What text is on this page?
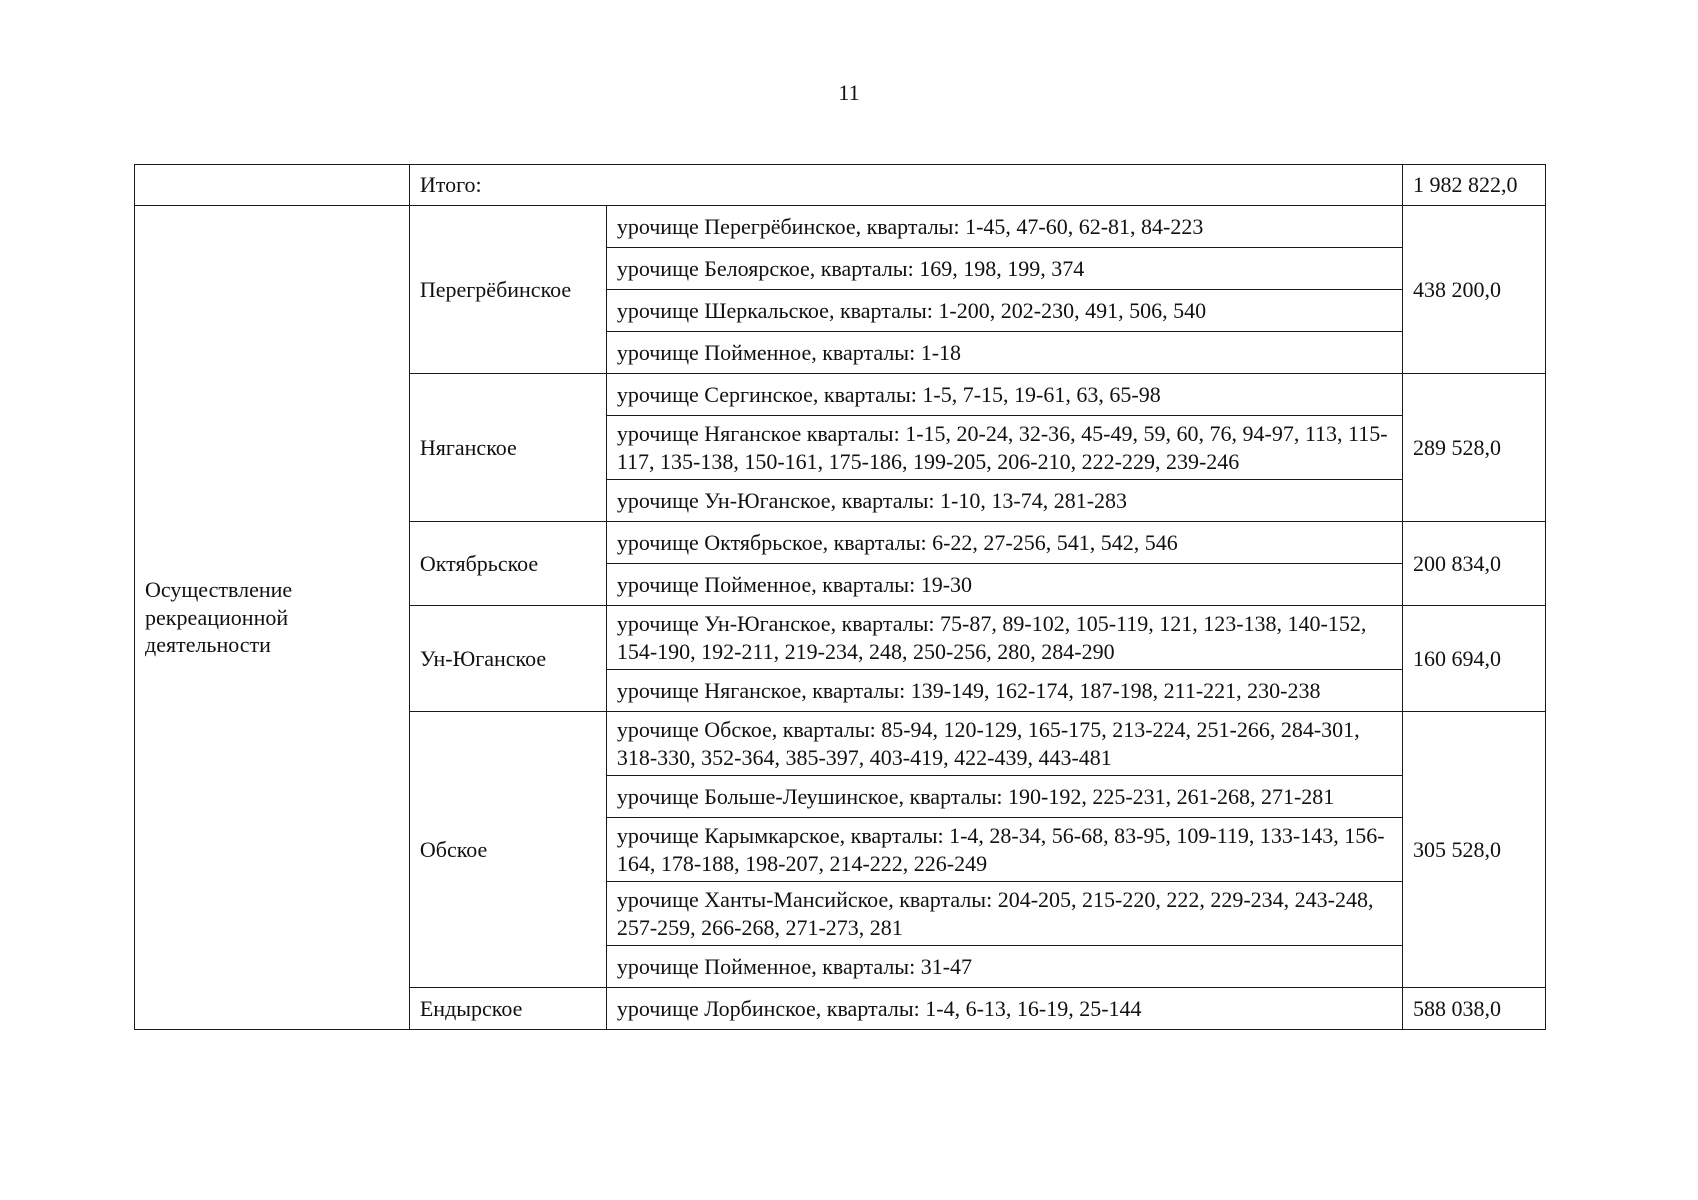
11
	Итого:		1 982 822,0
Осуществление рекреационной деятельности	Перегрёбинское	урочище Перегрёбинское, кварталы: 1-45, 47-60, 62-81, 84-223	438 200,0
		урочище Белоярское, кварталы: 169, 198, 199, 374	
		урочище Шеркальское, кварталы: 1-200, 202-230, 491, 506, 540	
		урочище Пойменное, кварталы: 1-18	
	Няганское	урочище Сергинское, кварталы: 1-5, 7-15, 19-61, 63, 65-98	289 528,0
		урочище Няганское кварталы: 1-15, 20-24, 32-36, 45-49, 59, 60, 76, 94-97, 113, 115-117, 135-138, 150-161, 175-186, 199-205, 206-210, 222-229, 239-246	
		урочище Ун-Юганское, кварталы: 1-10, 13-74, 281-283	
	Октябрьское	урочище Октябрьское, кварталы: 6-22, 27-256, 541, 542, 546	200 834,0
		урочище Пойменное, кварталы: 19-30	
	Ун-Юганское	урочище Ун-Юганское, кварталы: 75-87, 89-102, 105-119, 121, 123-138, 140-152, 154-190, 192-211, 219-234, 248, 250-256, 280, 284-290	160 694,0
		урочище Няганское, кварталы: 139-149, 162-174, 187-198, 211-221, 230-238	
	Обское	урочище Обское, кварталы: 85-94, 120-129, 165-175, 213-224, 251-266, 284-301, 318-330, 352-364, 385-397, 403-419, 422-439, 443-481	305 528,0
		урочище Больше-Леушинское, кварталы: 190-192, 225-231, 261-268, 271-281	
		урочище Карымкарское, кварталы: 1-4, 28-34, 56-68, 83-95, 109-119, 133-143, 156-164, 178-188, 198-207, 214-222, 226-249	
		урочище Ханты-Мансийское, кварталы: 204-205, 215-220, 222, 229-234, 243-248, 257-259, 266-268, 271-273, 281	
		урочище Пойменное, кварталы: 31-47	
	Ендырское	урочище Лорбинское, кварталы: 1-4, 6-13, 16-19, 25-144	588 038,0
